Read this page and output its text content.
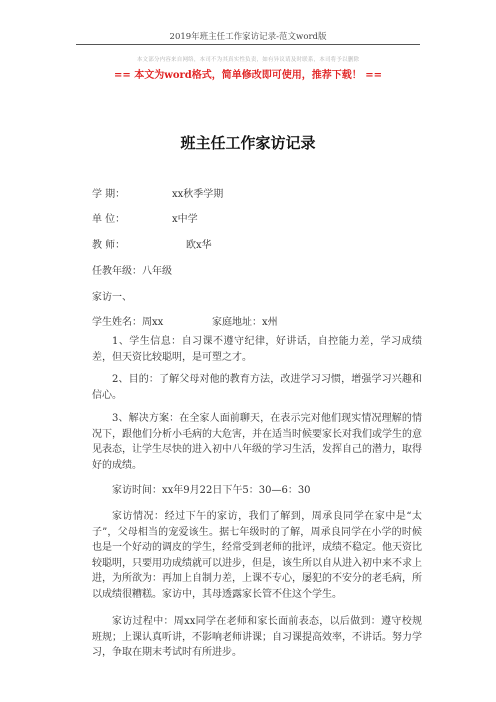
2019年班主任工作家访记录-范文word版
本文部分内容来自网络，本司不为其真实性负责，如有异议请及时联系，本司将予以删除
== 本文为word格式，简单修改即可使用，推荐下载！ ==
班主任工作家访记录
学 期：	xx秋季学期
单 位：	x中学
教 师：	欧x华
任教年级：八年级
家访一、
学生姓名：周xx	家庭地址：x州
1、学生信息：自习课不遵守纪律，好讲话，自控能力差，学习成绩差，但天资比较聪明，是可塑之才。
2、目的：了解父母对他的教育方法，改进学习习惯，增强学习兴趣和信心。
3、解决方案：在全家人面前聊天，在表示完对他们现实情况理解的情况下，跟他们分析小毛病的大危害，并在适当时候要家长对我们或学生的意见表态，让学生尽快的进入初中八年级的学习生活，发挥自己的潜力，取得好的成绩。
家访时间：xx年9月22日下午5：30—6：30
家访情况：经过下午的家访，我们了解到，周承良同学在家中是“太子”，父母相当的宠爱该生。据七年级时的了解，周承良同学在小学的时候也是一个好动的调皮的学生，经常受到老师的批评，成绩不稳定。他天资比较聪明，只要用功成绩就可以进步，但是，该生所以自从进入初中来不求上进，为所欲为：再加上自制力差，上课不专心，屡犯的不安分的老毛病，所以成绩很糟糕。家访中，其母透露家长管不住这个学生。
家访过程中：周xx同学在老师和家长面前表态，以后做到：遵守校规班规；上课认真听讲，不影响老师讲课；自习课提高效率，不讲话。努力学习，争取在期末考试时有所进步。
